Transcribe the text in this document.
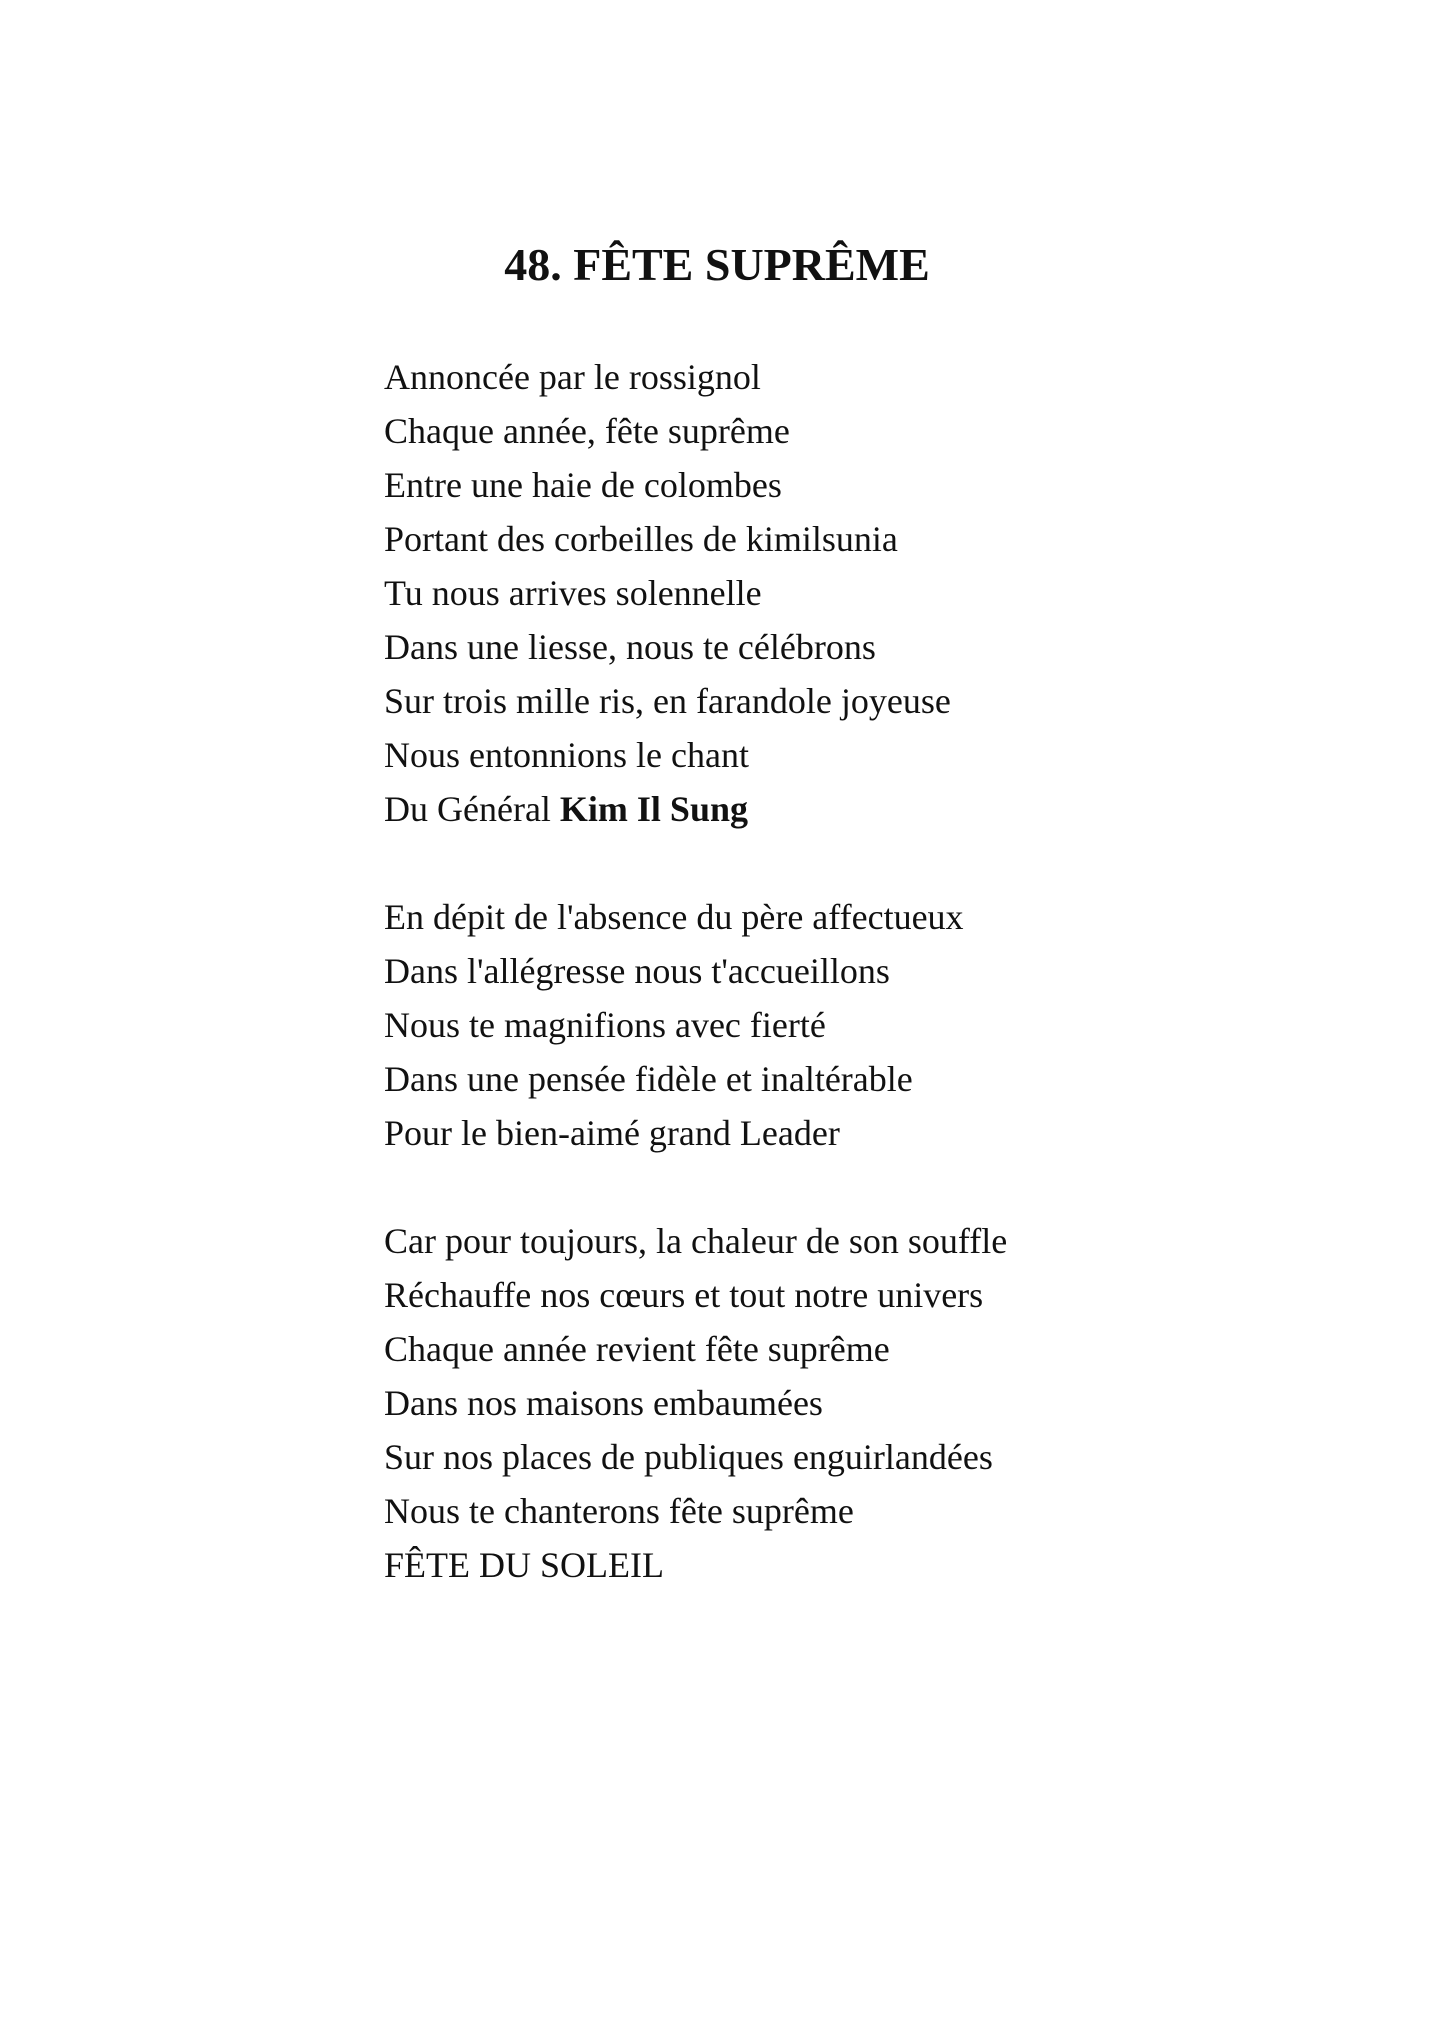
48. FÊTE SUPRÊME
Annoncée par le rossignol
Chaque année, fête suprême
Entre une haie de colombes
Portant des corbeilles de kimilsunia
Tu nous arrives solennelle
Dans une liesse, nous te célébrons
Sur trois mille ris, en farandole joyeuse
Nous entonnions le chant
Du Général Kim Il Sung
En dépit de l'absence du père affectueux
Dans l'allégresse nous t'accueillons
Nous te magnifions avec fierté
Dans une pensée fidèle et inaltérable
Pour le bien-aimé grand Leader
Car pour toujours, la chaleur de son souffle
Réchauffe nos cœurs et tout notre univers
Chaque année revient fête suprême
Dans nos maisons embaumées
Sur nos places de publiques enguirlandées
Nous te chanterons fête suprême
FÊTE DU SOLEIL
